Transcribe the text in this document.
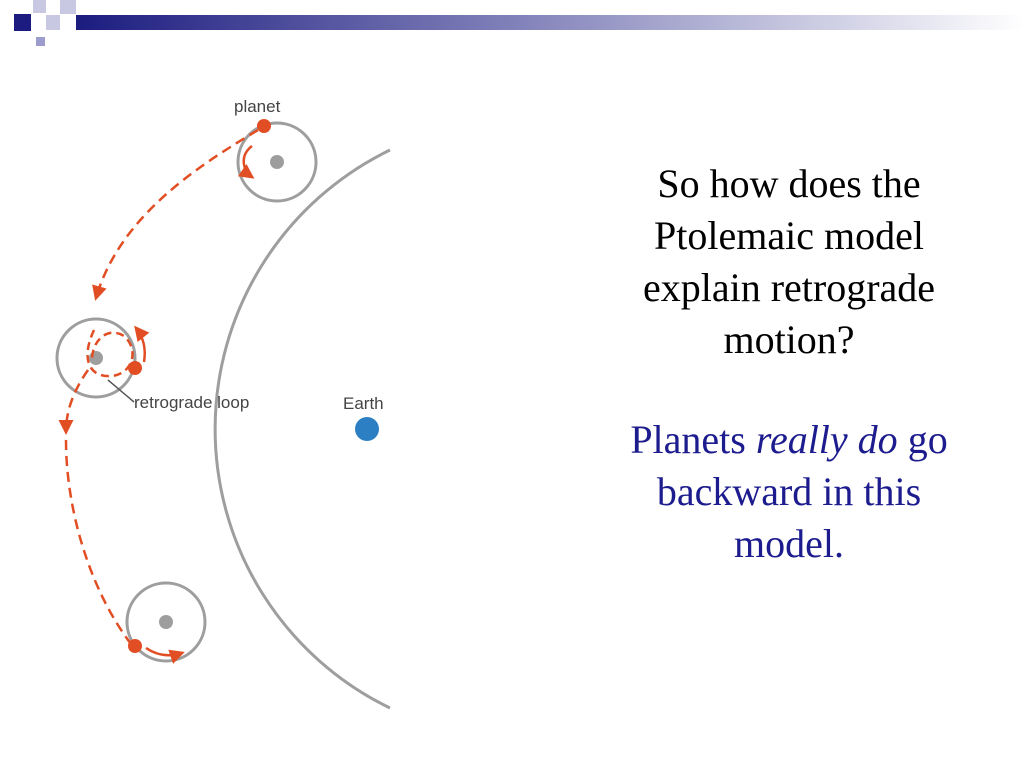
planet
retrograde loop	Earth
So how does the
Ptolemaic model
explain retrograde
motion?
Planets really do go
backward in this
model.
